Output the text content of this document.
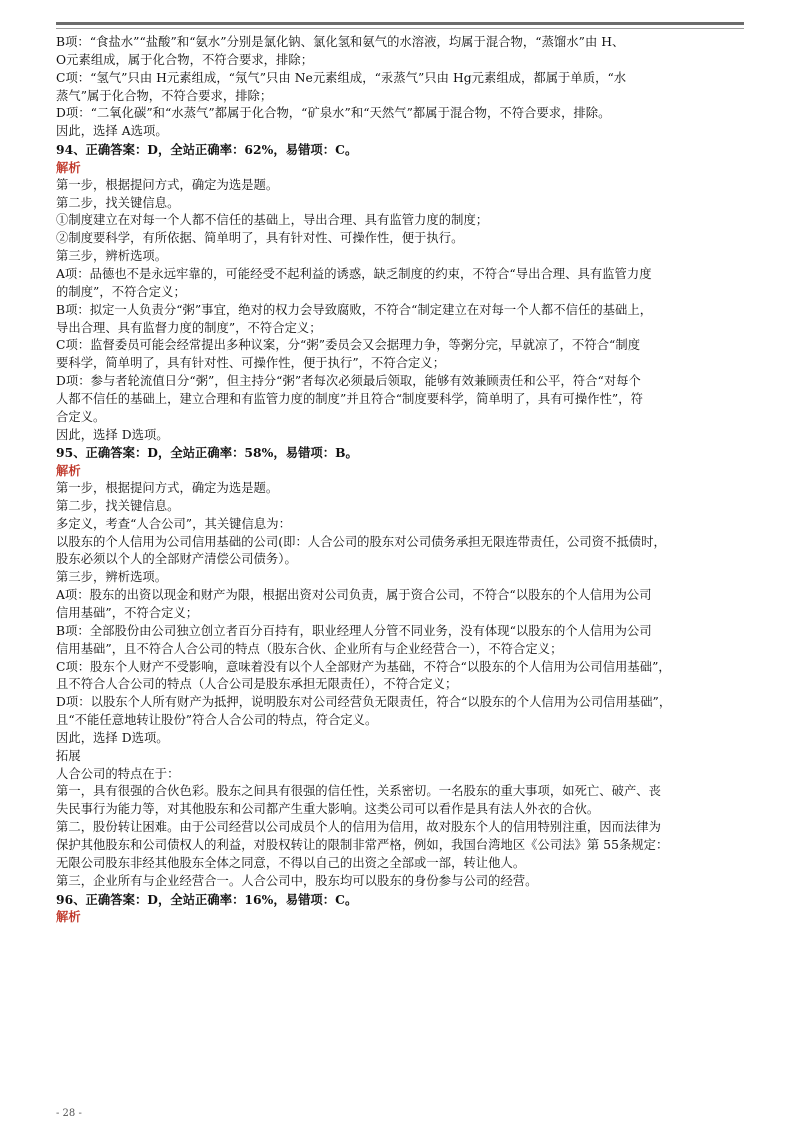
B项：“食盐水”“盐酸”和“氨水”分别是氯化钠、氯化氢和氨气的水溶液，均属于混合物，“蒸馏水”由 H、

O元素组成，属于化合物，不符合要求，排除；

C项：“氢气”只由 H元素组成，“氖气”只由 Ne元素组成，“汞蒸气”只由 Hg元素组成，都属于单质，“水

蒸气”属于化合物，不符合要求，排除；

D项：“二氧化碳”和“水蒸气”都属于化合物，“矿泉水”和“天然气”都属于混合物，不符合要求，排除。

因此，选择 A选项。

94、正确答案：D，全站正确率：62%，易错项：C。

解析

第一步，根据提问方式，确定为选是题。

第二步，找关键信息。

①制度建立在对每一个人都不信任的基础上，导出合理、具有监管力度的制度；

②制度要科学，有所依据、简单明了，具有针对性、可操作性，便于执行。

第三步，辨析选项。

A项：品德也不是永远牢靠的，可能经受不起利益的诱惑，缺乏制度的约束，不符合“导出合理、具有监管力度

的制度”，不符合定义；

B项：拟定一人负责分“粥”事宜，绝对的权力会导致腐败，不符合“制定建立在对每一个人都不信任的基础上，

导出合理、具有监督力度的制度”，不符合定义；

C项：监督委员可能会经常提出多种议案，分“粥”委员会又会据理力争，等粥分完，早就凉了，不符合“制度

要科学，简单明了，具有针对性、可操作性，便于执行”，不符合定义；

D项：参与者轮流值日分“粥”，但主持分“粥”者每次必须最后领取，能够有效兼顾责任和公平，符合“对每个

人都不信任的基础上，建立合理和有监管力度的制度”并且符合“制度要科学，简单明了，具有可操作性”，符

合定义。

因此，选择 D选项。

95、正确答案：D，全站正确率：58%，易错项：B。

解析

第一步，根据提问方式，确定为选是题。

第二步，找关键信息。

多定义，考查“人合公司”，其关键信息为：

以股东的个人信用为公司信用基础的公司(即：人合公司的股东对公司债务承担无限连带责任，公司资不抵债时，

股东必须以个人的全部财产清偿公司债务）。

第三步，辨析选项。

A项：股东的出资以现金和财产为限，根据出资对公司负责，属于资合公司，不符合“以股东的个人信用为公司

信用基础”，不符合定义；

B项：全部股份由公司独立创立者百分百持有，职业经理人分管不同业务，没有体现“以股东的个人信用为公司

信用基础”，且不符合人合公司的特点（股东合伙、企业所有与企业经营合一），不符合定义；

C项：股东个人财产不受影响，意味着没有以个人全部财产为基础，不符合“以股东的个人信用为公司信用基础”，

且不符合人合公司的特点（人合公司是股东承担无限责任），不符合定义；

D项：以股东个人所有财产为抵押，说明股东对公司经营负无限责任，符合“以股东的个人信用为公司信用基础”，

且“不能任意地转让股份”符合人合公司的特点，符合定义。

因此，选择 D选项。

拓展

人合公司的特点在于：

第一，具有很强的合伙色彩。股东之间具有很强的信任性，关系密切。一名股东的重大事项，如死亡、破产、丧

失民事行为能力等，对其他股东和公司都产生重大影响。这类公司可以看作是具有法人外衣的合伙。

第二，股份转让困难。由于公司经营以公司成员个人的信用为信用，故对股东个人的信用特别注重，因而法律为

保护其他股东和公司债权人的利益，对股权转让的限制非常严格，例如，我国台湾地区《公司法》第 55条规定：

无限公司股东非经其他股东全体之同意，不得以自己的出资之全部或一部，转让他人。

第三，企业所有与企业经营合一。人合公司中，股东均可以股东的身份参与公司的经营。

96、正确答案：D，全站正确率：16%，易错项：C。

解析

- 28 -
